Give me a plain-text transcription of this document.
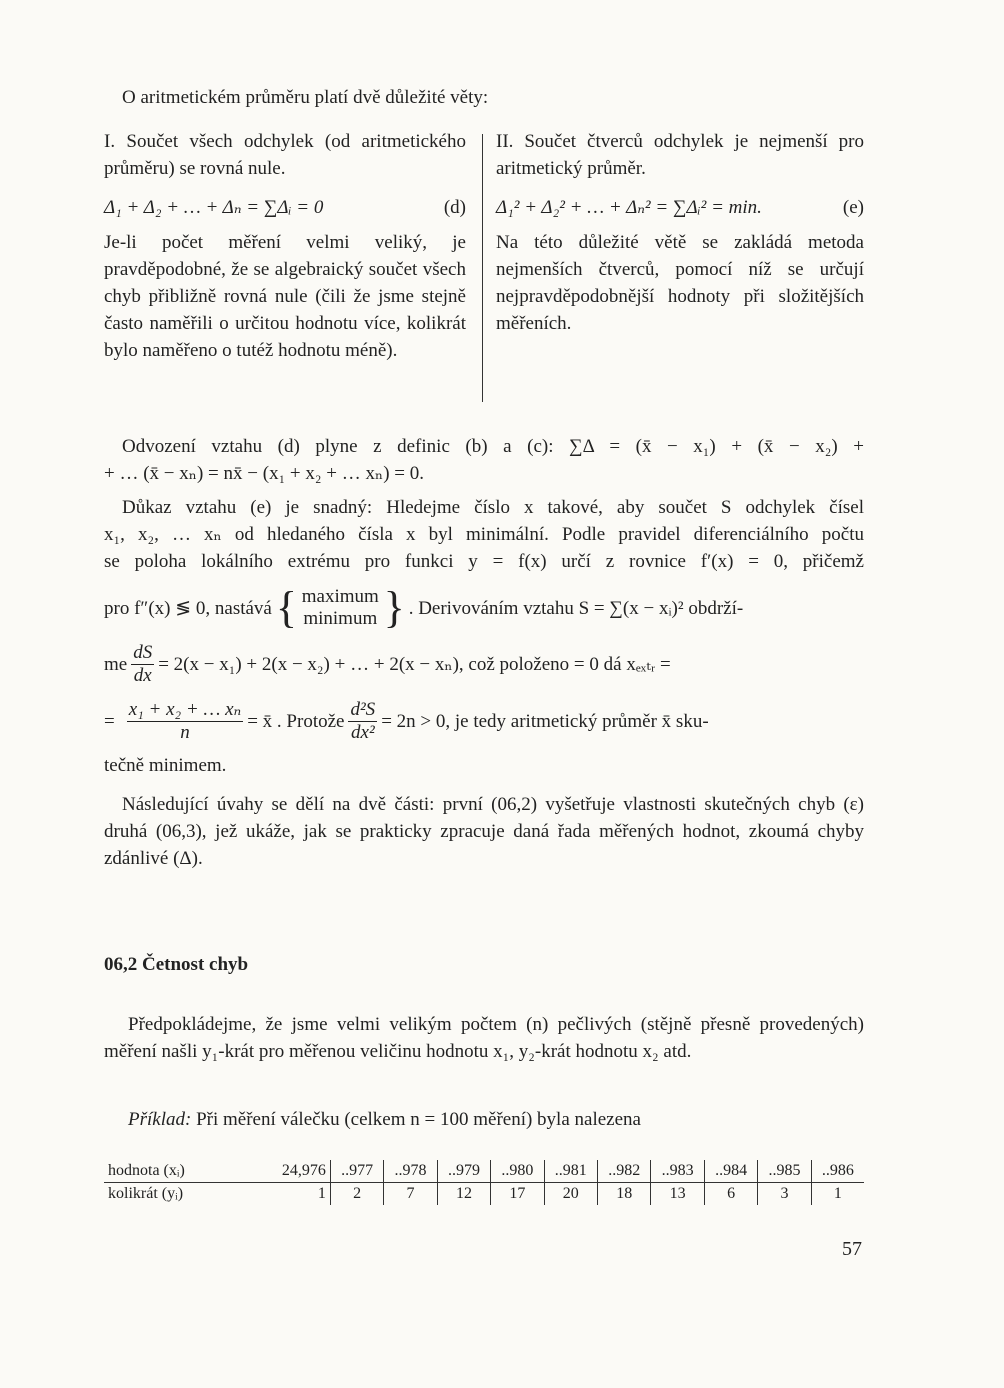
O aritmetickém průměru platí dvě důležité věty:

I. Součet všech odchylek (od aritmetického průměru) se rovná nule.

Δ₁ + Δ₂ + … + Δₙ = ∑Δᵢ = 0	(d)

Je-li počet měření velmi veliký, je pravděpodobné, že se algebraický součet všech chyb přibližně rovná nule (čili že jsme stejně často naměřili o určitou hodnotu více, kolikrát bylo naměřeno o tutéž hodnotu méně).

II. Součet čtverců odchylek je nejmenší pro aritmetický průměr.

Δ₁² + Δ₂² + … + Δₙ² = ∑Δᵢ² = min.	(e)

Na této důležité větě se zakládá metoda nejmenších čtverců, pomocí níž se určují nejpravděpodobnější hodnoty při složitějších měřeních.

Odvození vztahu (d) plyne z definic (b) a (c): ∑Δ = (x̄ − x₁) + (x̄ − x₂) +
+ … (x̄ − xₙ) = nx̄ − (x₁ + x₂ + … xₙ) = 0.
Důkaz vztahu (e) je snadný: Hledejme číslo x takové, aby součet S odchylek čísel
x₁, x₂, … xₙ od hledaného čísla x byl minimální. Podle pravidel diferenciálního počtu
se poloha lokálního extrému pro funkci y = f(x) určí z rovnice f′(x) = 0, přičemž
pro f″(x) ≶ 0, nastává { maximum
minimum } . Derivováním vztahu S = ∑(x − xᵢ)² obdrží-
me $\frac{dS}{dx} = 2(x - x_1) + 2(x - x_2)$ + … + 2(x − xₙ), což položeno = 0 dá xₑₓₜᵣ =
= $\frac{\text{x₁ + x₂ + … xₙ}}{n}$ = x̄ . Protože $\frac{\text{d²S}}{\text{dx²}} = 2n > 0$, je tedy aritmetický průměr x̄ sku-
tečně minimem.
Následující úvahy se dělí na dvě části: první (06,2) vyšetřuje vlastnosti skutečných chyb (ε) druhá (06,3), jež ukáže, jak se prakticky zpracuje daná řada měřených hodnot, zkoumá chyby zdánlivé (Δ).
06,2 Četnost chyb
Předpokládejme, že jsme velmi velikým počtem (n) pečlivých (stějně přesně provedených) měření našli y₁-krát pro měřenou veličinu hodnotu x₁, y₂-krát hodnotu x₂ atd.
Příklad: Při měření válečku (celkem n = 100 měření) byla nalezena
hodnota (xᵢ)	24,976	..977	..978	..979	..980	..981	..982	..983	..984	..985	..986
kolikrát (yᵢ)	1	2	7	12	17	20	18	13	6	3	1
57
